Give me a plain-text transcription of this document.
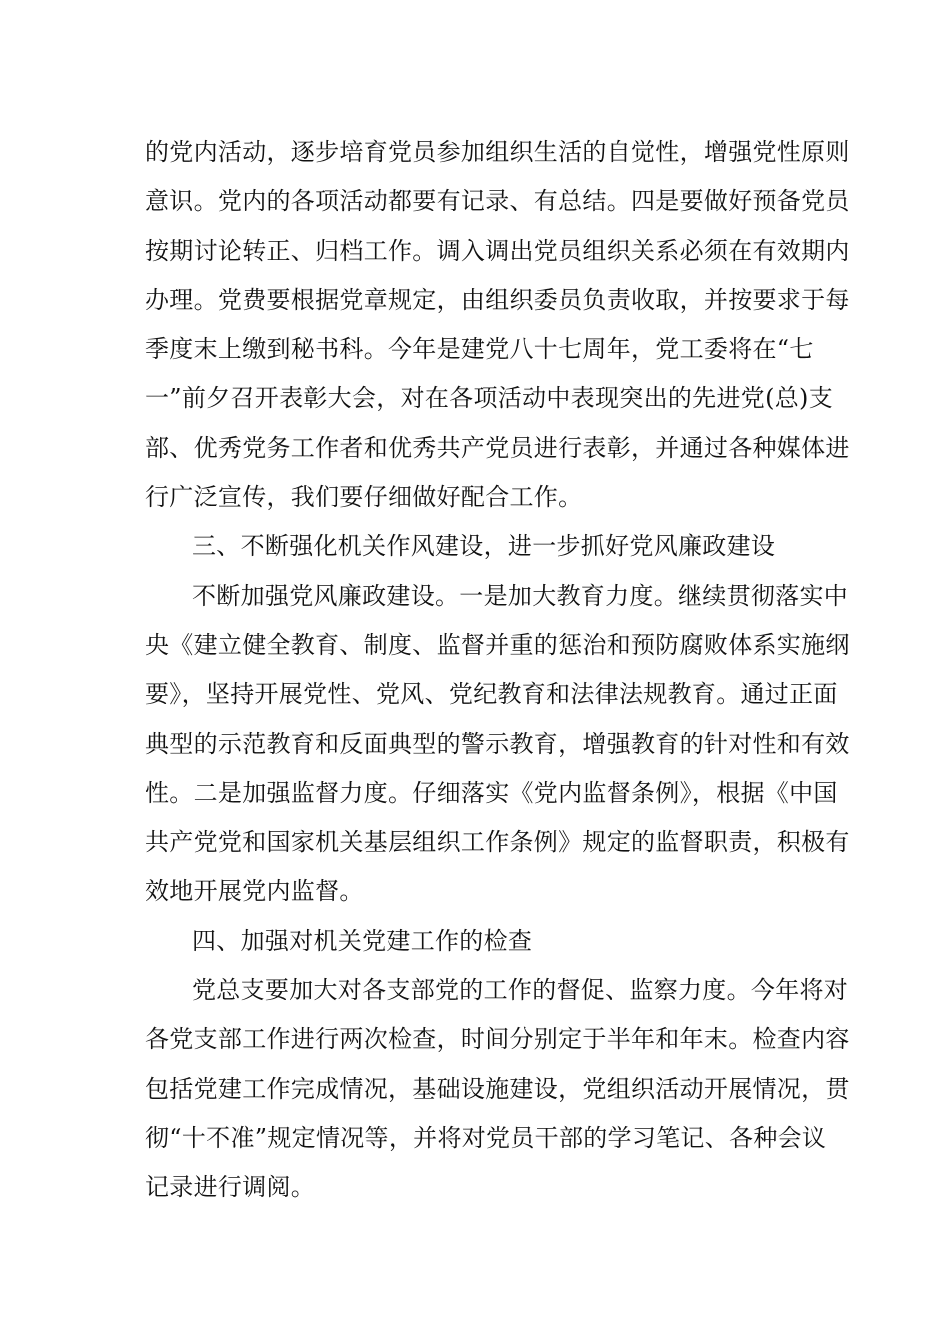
的党内活动，逐步培育党员参加组织生活的自觉性，增强党性原则
意识。党内的各项活动都要有记录、有总结。四是要做好预备党员
按期讨论转正、归档工作。调入调出党员组织关系必须在有效期内
办理。党费要根据党章规定，由组织委员负责收取，并按要求于每
季度末上缴到秘书科。今年是建党八十七周年，党工委将在“七
一”前夕召开表彰大会，对在各项活动中表现突出的先进党(总)支
部、优秀党务工作者和优秀共产党员进行表彰，并通过各种媒体进
行广泛宣传，我们要仔细做好配合工作。
三、不断强化机关作风建设，进一步抓好党风廉政建设
不断加强党风廉政建设。一是加大教育力度。继续贯彻落实中
央《建立健全教育、制度、监督并重的惩治和预防腐败体系实施纲
要》，坚持开展党性、党风、党纪教育和法律法规教育。通过正面
典型的示范教育和反面典型的警示教育，增强教育的针对性和有效
性。二是加强监督力度。仔细落实《党内监督条例》，根据《中国
共产党党和国家机关基层组织工作条例》规定的监督职责，积极有
效地开展党内监督。
四、加强对机关党建工作的检查
党总支要加大对各支部党的工作的督促、监察力度。今年将对
各党支部工作进行两次检查，时间分别定于半年和年末。检查内容
包括党建工作完成情况，基础设施建设，党组织活动开展情况，贯
彻“十不准”规定情况等，并将对党员干部的学习笔记、各种会议
记录进行调阅。
